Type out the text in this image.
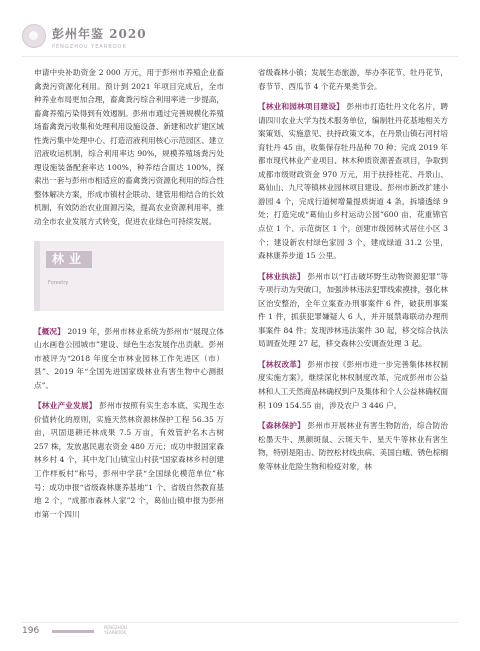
彭州年鉴 2020
PENGZHOU YEARBOOK

申请中央补助资金 2 000 万元，用于彭州市养殖企业畜禽粪污资源化利用。预计到 2021 年项目完成后，全市种养业布局更加合理，畜禽粪污综合利用率进一步提高，畜禽养殖污染得到有效遏制。彭州市通过完善规模化养殖场畜禽粪污收集和处理利用设施设备、新建和改扩建区域性粪污集中处理中心、打造沼液利用核心示范园区、建立沼液收运机制，综合利用率达 90%，规模养殖场粪污处理设施装备配套率达 100%，种养结合面达 100%，探索出一套与彭州市相适应的畜禽粪污资源化利用的综合性整体解决方案，形成市镇村企联动、建管用相结合的长效机制，有效防治农业面源污染，提高农业资源利用率，推动全市农业发展方式转变，促进农业绿色可持续发展。

林业
Forestry

【概况】 2019 年，彭州市林业系统为彭州市“展现立体山水画卷公园城市”建设、绿色生态发展作出贡献。彭州市被评为“2018 年度全市林业园林工作先进区（市）县”、2019 年“全国先进国家级林业有害生物中心测报点”。

【林业产业发展】 彭州市按照有实生态本底、实现生态价值转化的原则，实施天然林资源林保护工程 56.35 万亩，巩固退耕还林成果 7.5 万亩，有效管护名木古树 257 株，发放惠民惠农资金 480 万元；成功申报国家森林乡村 4 个，其中龙门山镇宝山村获“国家森林乡村创建工作样板村”称号，彭州中学获“全国绿化模范单位”称号；成功申报“省级森林康养基地”1 个、省级自然教育基地 2 个，“成都市森林人家”2 个，葛仙山镇申报为彭州市第一个四川

省级森林小镇；发展生态旅游，举办李花节、牡丹花节，春节节、西瓜节 4 个花卉果类节会。

【林业和园林项目建设】 彭州市打造牡丹文化名片，聘请四川农业大学为技术服务单位，编制牡丹花基地相关方案策划、实施意见、扶持政策文本，在丹景山镇石河村培育牡丹 45 亩，收集保存牡丹品种 70 种；完成 2019 年都市现代林业产业项目、林木种质资源普查项目，争取到成都市级财政资金 970 万元，用于扶持桂花、丹景山、葛仙山、九尺等镇林业园林项目建设。彭州市新改扩建小游园 4 个，完成行道树增量提质街道 4 条，拆墙透绿 9 处；打造完成“葛仙山乡村运动公园”600 亩、花重锦官点位 1 个、示范街区 1 个，创建市级园林式居住小区 3 个；建设新农村绿色家园 3 个，建成绿道 31.2 公里，森林康养步道 15 公里。

【林业执法】 彭州市以“打击破坏野生动物资源犯罪”等专项行动为突破口，加强涉林违法犯罪线索摸排，强化林区治安整治，全年立案查办刑事案件 6 件，破获刑事案件 1 件，抓获犯罪嫌疑人 6 人，并开展禁毒联动办理刑事案件 84 件；发现涉林违法案件 30 起，移交综合执法局调查处理 27 起，移交森林公安调查处理 3 起。

【林权改革】 彭州市按《彭州市进一步完善集体林权制度实施方案》，继续深化林权制度改革，完成彭州市公益林和人工天然商品林确权到户及集体和个人公益林确权面积 109 154.55 亩，涉及农户 3 446 户。

【森林保护】 彭州市开展林业有害生物防治，综合防治松墨天牛、黑颜斑鼠、云斑天牛、星天牛等林业有害生物，特别是阻击、防控松材线虫病、美国白蛾、锈色棕榈象等林业危险生物和检疫对象，林

196	PENGZHOU
YEARBOOK
